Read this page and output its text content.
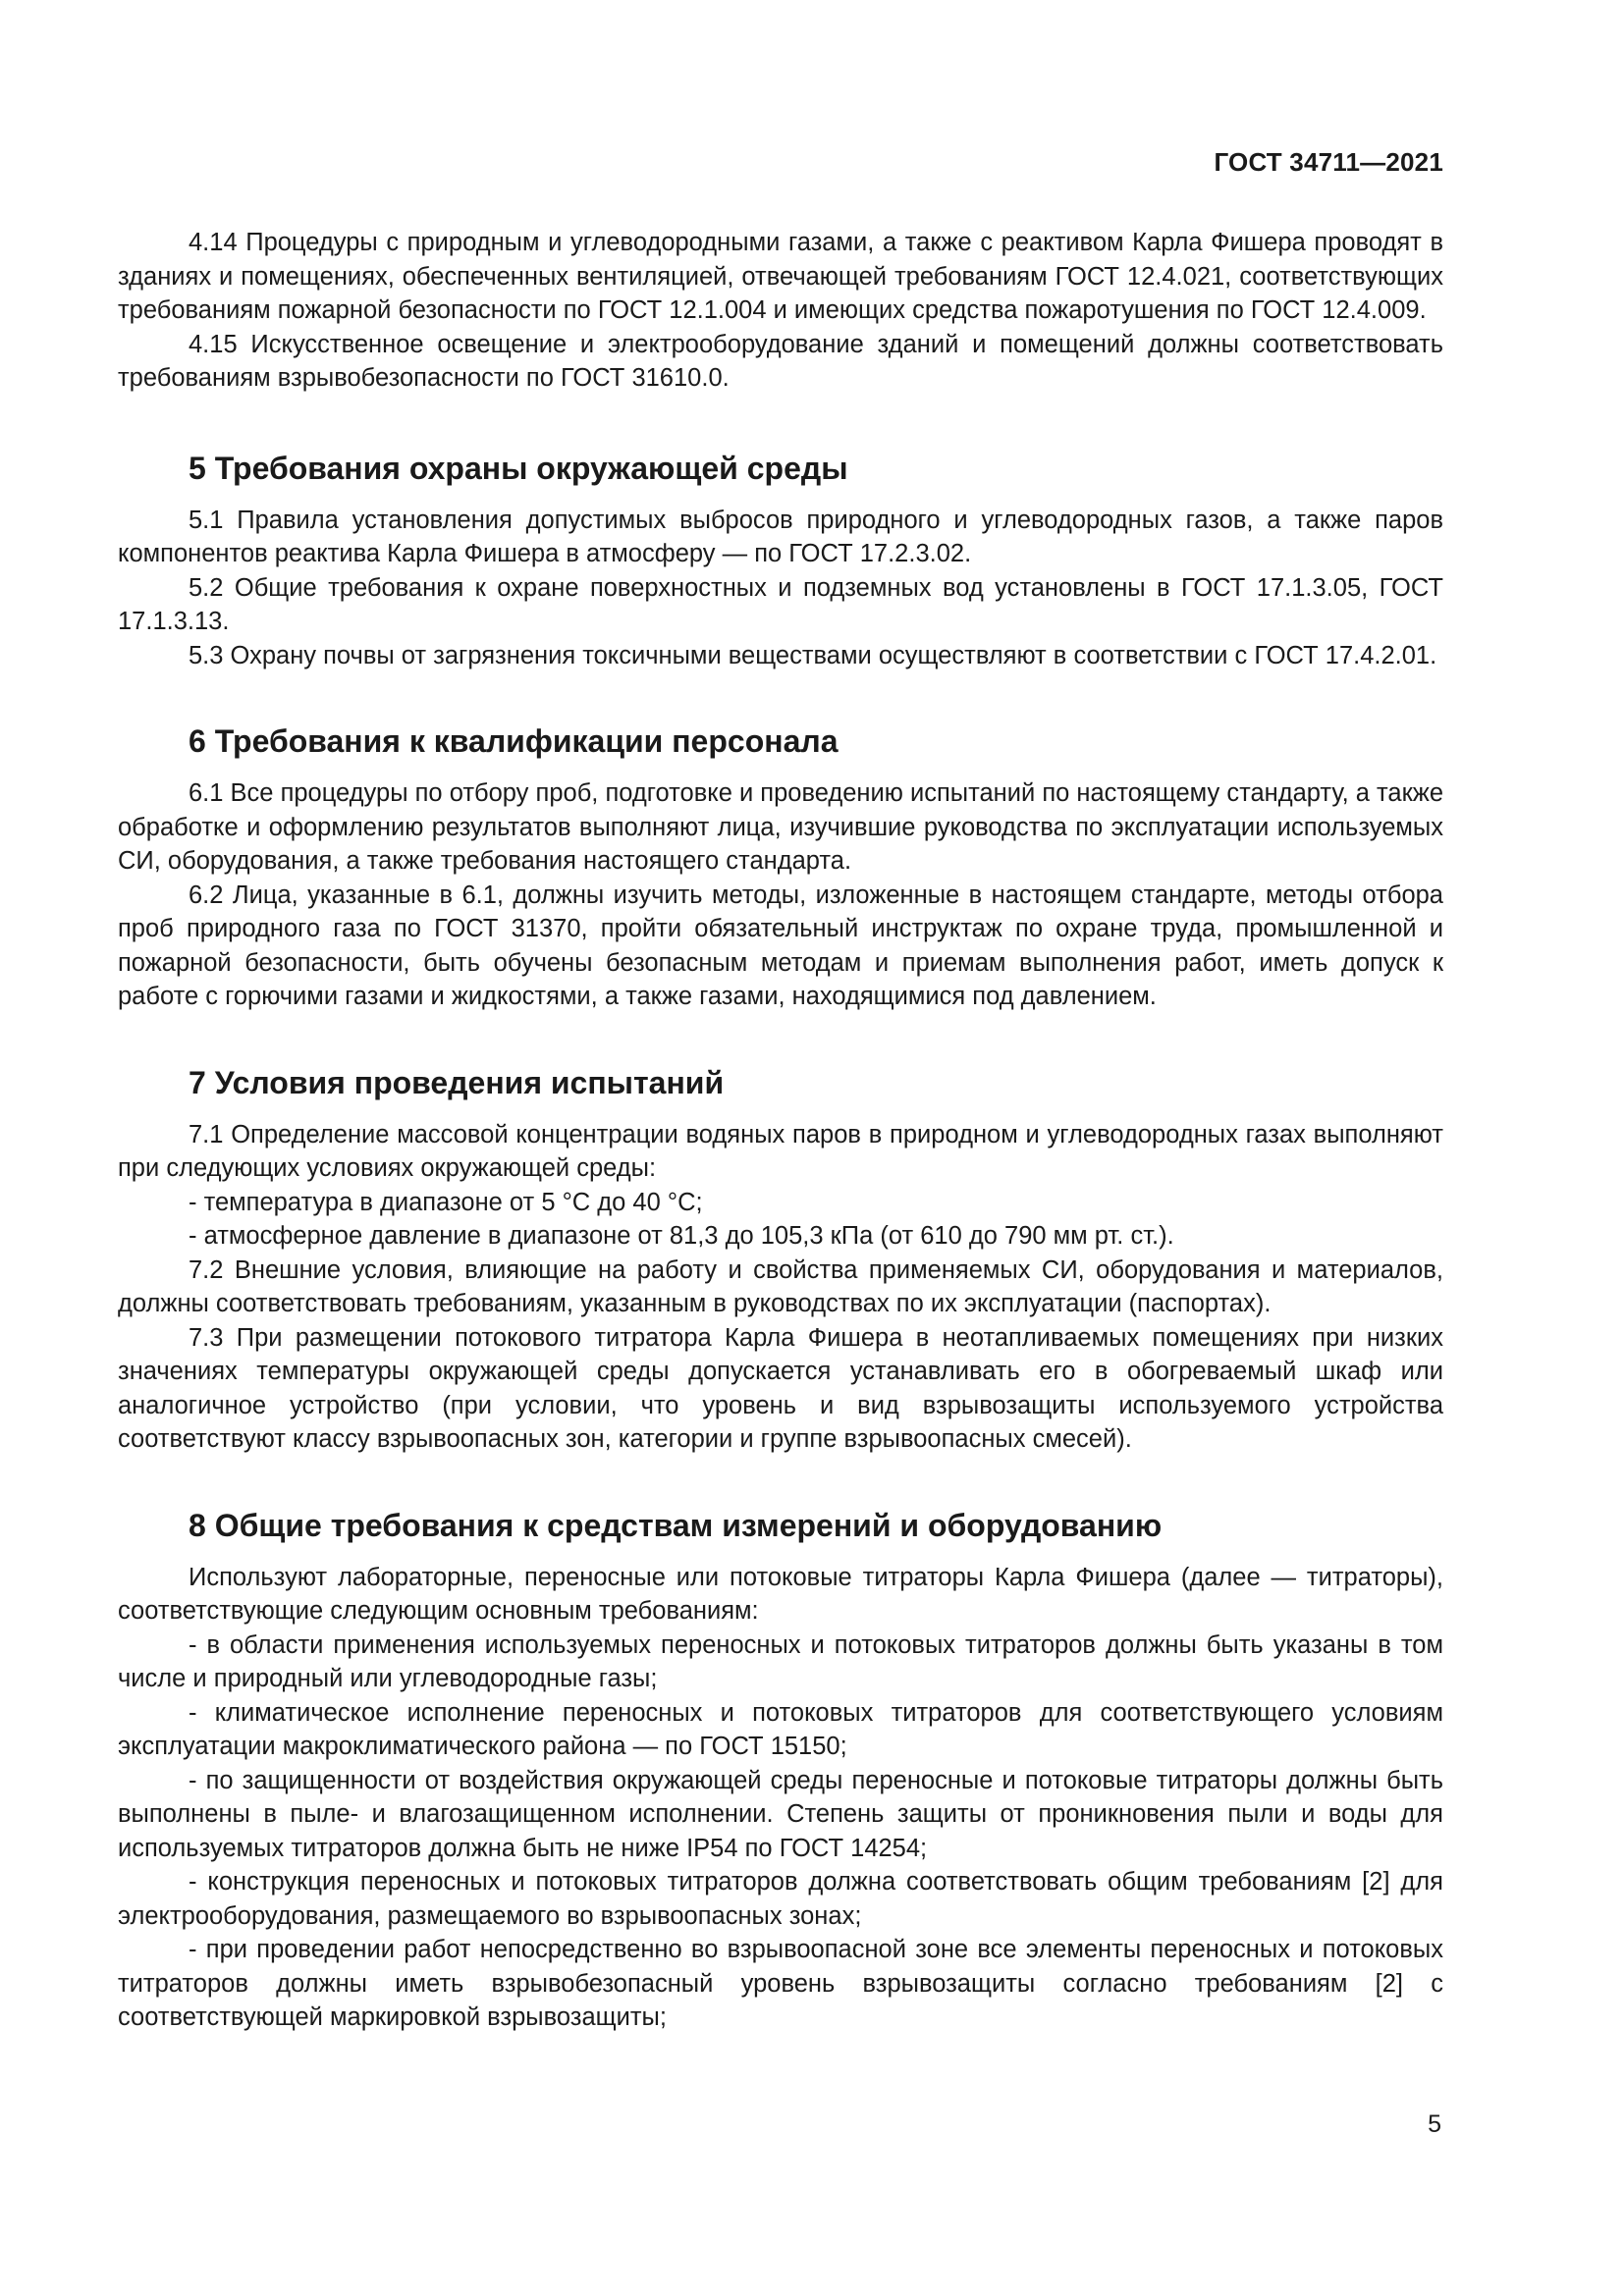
ГОСТ 34711—2021

4.14 Процедуры с природным и углеводородными газами, а также с реактивом Карла Фишера проводят в зданиях и помещениях, обеспеченных вентиляцией, отвечающей требованиям ГОСТ 12.4.021, соответствующих требованиям пожарной безопасности по ГОСТ 12.1.004 и имеющих средства пожаротушения по ГОСТ 12.4.009.

4.15 Искусственное освещение и электрооборудование зданий и помещений должны соответствовать требованиям взрывобезопасности по ГОСТ 31610.0.

5 Требования охраны окружающей среды

5.1 Правила установления допустимых выбросов природного и углеводородных газов, а также паров компонентов реактива Карла Фишера в атмосферу — по ГОСТ 17.2.3.02.

5.2 Общие требования к охране поверхностных и подземных вод установлены в ГОСТ 17.1.3.05, ГОСТ 17.1.3.13.

5.3 Охрану почвы от загрязнения токсичными веществами осуществляют в соответствии с ГОСТ 17.4.2.01.

6 Требования к квалификации персонала

6.1 Все процедуры по отбору проб, подготовке и проведению испытаний по настоящему стандарту, а также обработке и оформлению результатов выполняют лица, изучившие руководства по эксплуатации используемых СИ, оборудования, а также требования настоящего стандарта.

6.2 Лица, указанные в 6.1, должны изучить методы, изложенные в настоящем стандарте, методы отбора проб природного газа по ГОСТ 31370, пройти обязательный инструктаж по охране труда, промышленной и пожарной безопасности, быть обучены безопасным методам и приемам выполнения работ, иметь допуск к работе с горючими газами и жидкостями, а также газами, находящимися под давлением.

7 Условия проведения испытаний

7.1 Определение массовой концентрации водяных паров в природном и углеводородных газах выполняют при следующих условиях окружающей среды:

- температура в диапазоне от 5 °С до 40 °С;

- атмосферное давление в диапазоне от 81,3 до 105,3 кПа (от 610 до 790 мм рт. ст.).

7.2 Внешние условия, влияющие на работу и свойства применяемых СИ, оборудования и материалов, должны соответствовать требованиям, указанным в руководствах по их эксплуатации (паспортах).

7.3 При размещении потокового титратора Карла Фишера в неотапливаемых помещениях при низких значениях температуры окружающей среды допускается устанавливать его в обогреваемый шкаф или аналогичное устройство (при условии, что уровень и вид взрывозащиты используемого устройства соответствуют классу взрывоопасных зон, категории и группе взрывоопасных смесей).

8 Общие требования к средствам измерений и оборудованию

Используют лабораторные, переносные или потоковые титраторы Карла Фишера (далее — титраторы), соответствующие следующим основным требованиям:

- в области применения используемых переносных и потоковых титраторов должны быть указаны в том числе и природный или углеводородные газы;

- климатическое исполнение переносных и потоковых титраторов для соответствующего условиям эксплуатации макроклиматического района — по ГОСТ 15150;

- по защищенности от воздействия окружающей среды переносные и потоковые титраторы должны быть выполнены в пыле- и влагозащищенном исполнении. Степень защиты от проникновения пыли и воды для используемых титраторов должна быть не ниже IP54 по ГОСТ 14254;

- конструкция переносных и потоковых титраторов должна соответствовать общим требованиям [2] для электрооборудования, размещаемого во взрывоопасных зонах;

- при проведении работ непосредственно во взрывоопасной зоне все элементы переносных и потоковых титраторов должны иметь взрывобезопасный уровень взрывозащиты согласно требованиям [2] с соответствующей маркировкой взрывозащиты;

5
